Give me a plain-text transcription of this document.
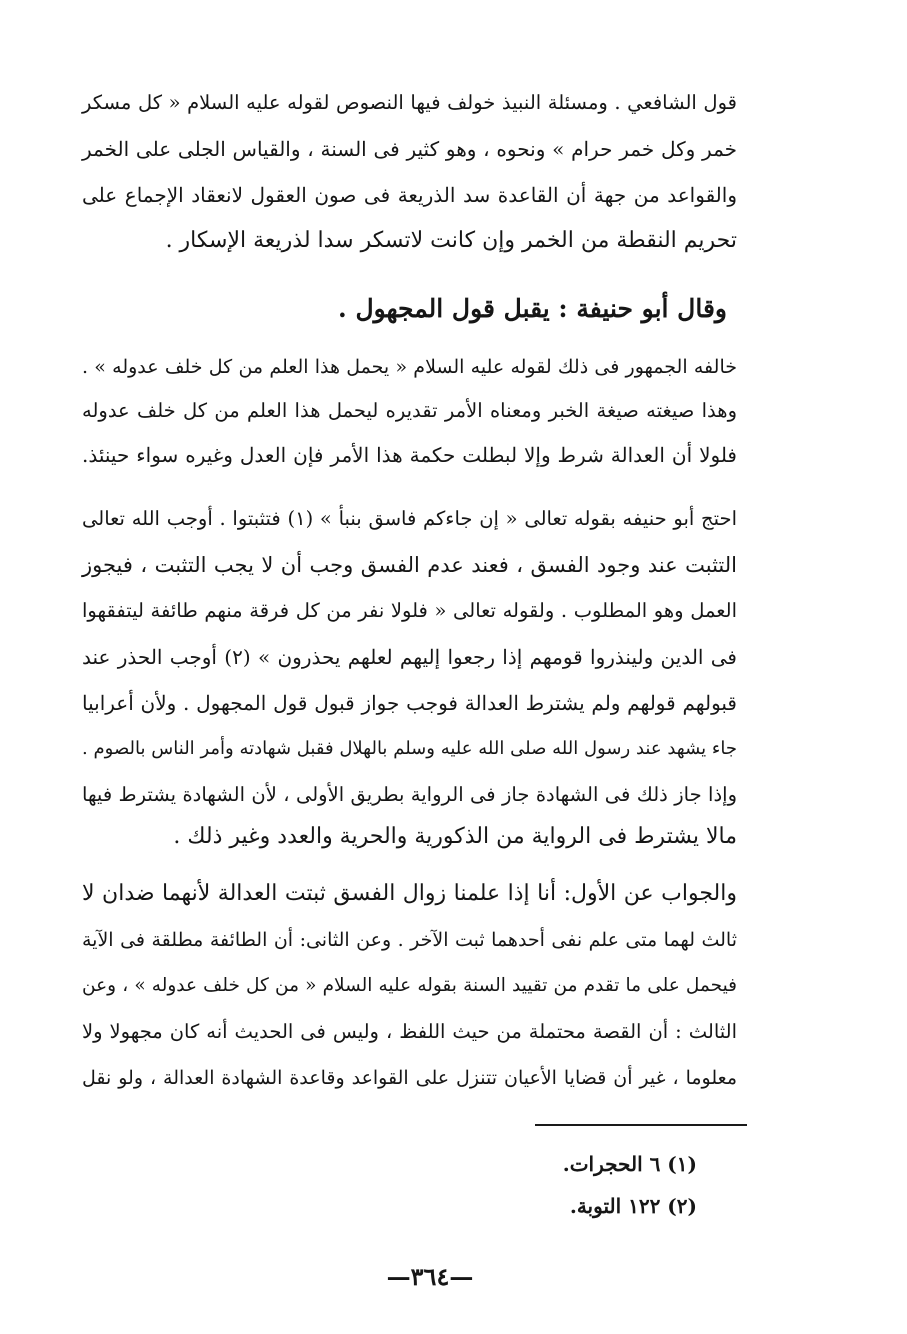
قول الشافعي . ومسئلة النبيذ خولف فيها النصوص لقوله عليه السلام « كل مسكر
خمر وكل خمر حرام » ونحوه ، وهو كثير فى السنة ، والقياس الجلى على الخمر
والقواعد من جهة أن القاعدة سد الذريعة فى صون العقول لانعقاد الإجماع على
تحريم النقطة من الخمر وإن كانت لاتسكر سدا لذريعة الإسكار .
وقال أبو حنيفة : يقبل قول المجهول .
خالفه الجمهور فى ذلك لقوله عليه السلام « يحمل هذا العلم من كل خلف عدوله » .
وهذا صيغته صيغة الخبر ومعناه الأمر تقديره ليحمل هذا العلم من كل خلف عدوله
فلولا أن العدالة شرط وإلا لبطلت حكمة هذا الأمر فإن العدل وغيره سواء حينئذ.
احتج أبو حنيفه بقوله تعالى « إن جاءكم فاسق بنبأ » (١) فتثبتوا . أوجب الله تعالى
التثبت عند وجود الفسق ، فعند عدم الفسق وجب أن لا يجب التثبت ، فيجوز
العمل وهو المطلوب . ولقوله تعالى « فلولا نفر من كل فرقة منهم طائفة ليتفقهوا
فى الدين ولينذروا قومهم إذا رجعوا إليهم لعلهم يحذرون » (٢) أوجب الحذر عند
قبولهم قولهم ولم يشترط العدالة فوجب جواز قبول قول المجهول . ولأن أعرابيا
جاء يشهد عند رسول الله صلى الله عليه وسلم بالهلال فقبل شهادته وأمر الناس بالصوم .
وإذا جاز ذلك فى الشهادة جاز فى الرواية بطريق الأولى ، لأن الشهادة يشترط فيها
مالا يشترط فى الرواية من الذكورية والحرية والعدد وغير ذلك .
والجواب عن الأول: أنا إذا علمنا زوال الفسق ثبتت العدالة لأنهما ضدان لا
ثالث لهما متى علم نفى أحدهما ثبت الآخر . وعن الثانى: أن الطائفة مطلقة فى الآية
فيحمل على ما تقدم من تقييد السنة بقوله عليه السلام « من كل خلف عدوله » ، وعن
الثالث : أن القصة محتملة من حيث اللفظ ، وليس فى الحديث أنه كان مجهولا ولا
معلوما ، غير أن قضايا الأعيان تتنزل على القواعد وقاعدة الشهادة العدالة ، ولو نقل
(١) ٦ الحجرات.
(٢) ١٢٢ التوبة.
—٣٦٤—
